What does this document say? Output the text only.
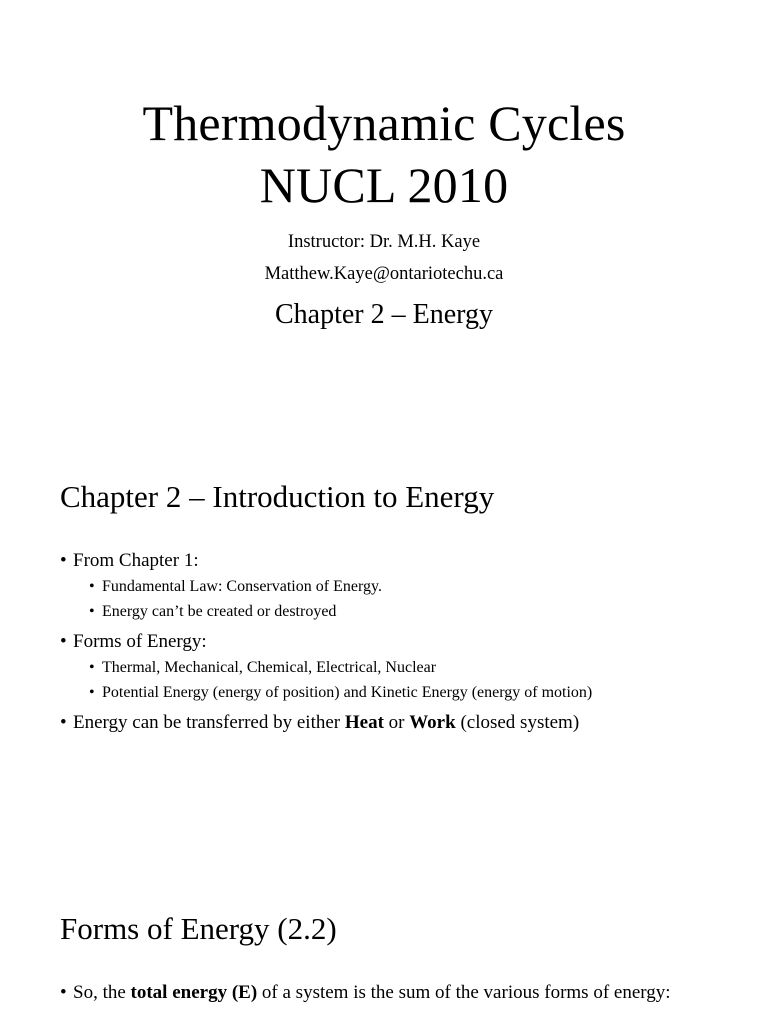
Thermodynamic Cycles
NUCL 2010
Instructor: Dr. M.H. Kaye
Matthew.Kaye@ontariotechu.ca
Chapter 2 – Energy
Chapter 2 – Introduction to Energy
• From Chapter 1:
• Fundamental Law: Conservation of Energy.
• Energy can’t be created or destroyed
• Forms of Energy:
• Thermal, Mechanical, Chemical, Electrical, Nuclear
• Potential Energy (energy of position) and Kinetic Energy (energy of motion)
• Energy can be transferred by either Heat or Work (closed system)
Forms of Energy (2.2)
• So, the total energy (E) of a system is the sum of the various forms of energy:
